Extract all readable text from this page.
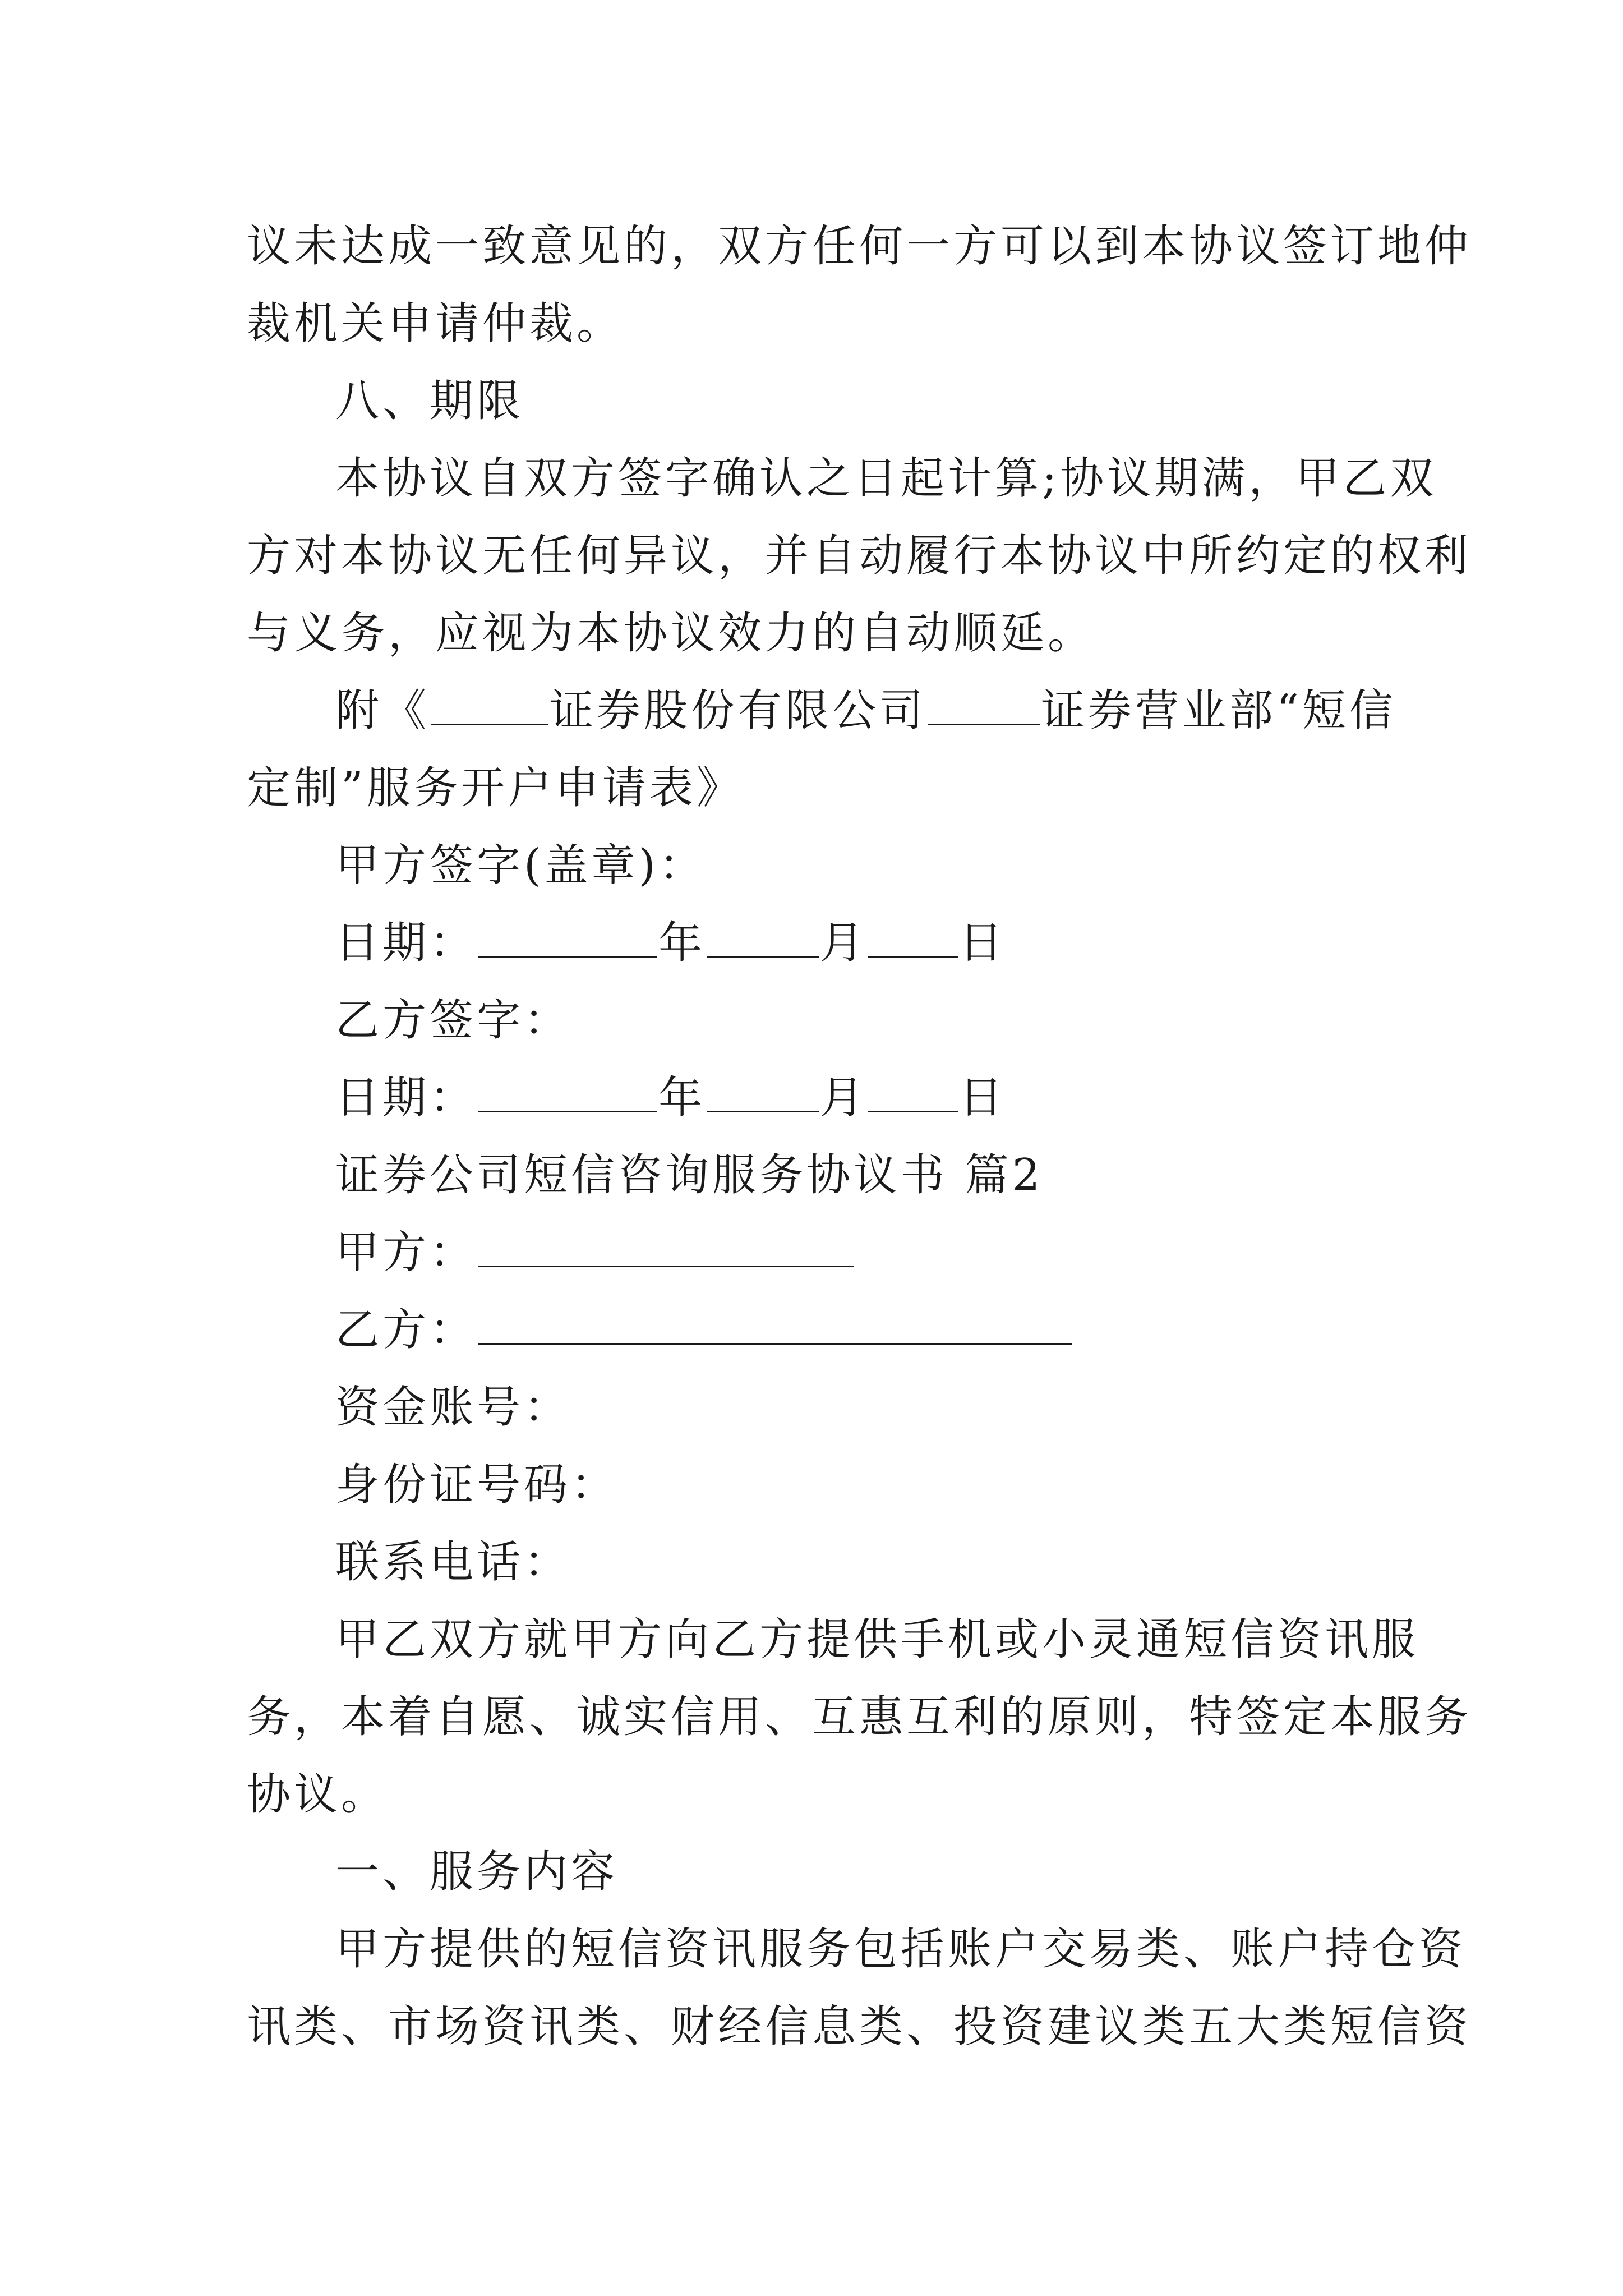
议未达成一致意见的，双方任何一方可以到本协议签订地仲

裁机关申请仲裁。

八、期限

本协议自双方签字确认之日起计算;协议期满，甲乙双

方对本协议无任何异议，并自动履行本协议中所约定的权利

与义务，应视为本协议效力的自动顺延。

附《	证券股份有限公司	证券营业部“短信

定制”服务开户申请表》

甲方签字(盖章)：

日期：	年	月 日

乙方签字：

日期：	年	月 日

证券公司短信咨询服务协议书 篇2

甲方：

乙方：

资金账号：

身份证号码：

联系电话：

甲乙双方就甲方向乙方提供手机或小灵通短信资讯服

务，本着自愿、诚实信用、互惠互利的原则，特签定本服务

协议。

一、服务内容

甲方提供的短信资讯服务包括账户交易类、账户持仓资

讯类、市场资讯类、财经信息类、投资建议类五大类短信资
